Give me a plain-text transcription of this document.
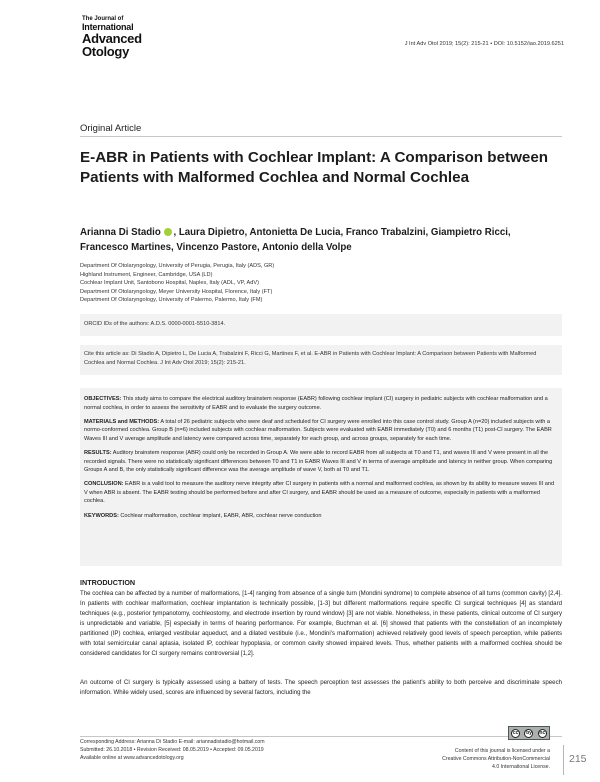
The Journal of
International
Advanced
Otology	J Int Adv Otol 2019; 15(2): 215-21 • DOI: 10.5152/iao.2019.6251
Original Article
E-ABR in Patients with Cochlear Implant: A Comparison between Patients with Malformed Cochlea and Normal Cochlea
Arianna Di Stadio , Laura Dipietro, Antonietta De Lucia, Franco Trabalzini, Giampietro Ricci, Francesco Martines, Vincenzo Pastore, Antonio della Volpe
Department Of Otolaryngology, University of Perugia, Perugia, Italy (ADS, GR)
Highland Instrument, Engineer, Cambridge, USA (LD)
Cochlear Implant Unit, Santobono Hospital, Naples, Italy (ADL, VP, AdV)
Department Of Otolaryngology, Meyer University Hospital, Florence, Italy (FT)
Department Of Otolaryngology, University of Palermo, Palermo, Italy (FM)

ORCID IDs of the authors: A.D.S. 0000-0001-5510-3814.

Cite this article as: Di Stadio A, Dipietro L, De Lucia A, Trabalzini F, Ricci G, Martines F, et al. E-ABR in Patients with Cochlear Implant: A Comparison between Patients with Malformed Cochlea and Normal Cochlea. J Int Adv Otol 2019; 15(2): 215-21.

OBJECTIVES: This study aims to compare the electrical auditory brainstem response (EABR) following cochlear implant (CI) surgery in pediatric subjects with cochlear malformation and a normal cochlea, in order to assess the sensitivity of EABR and to evaluate the surgery outcome.

MATERIALS and METHODS: A total of 26 pediatric subjects who were deaf and scheduled for CI surgery were enrolled into this case control study. Group A (n=20) included subjects with a normo-conformed cochlea. Group B (n=6) included subjects with cochlear malformation. Subjects were evaluated with EABR immediately (T0) and 6 months (T1) post-CI surgery. The EABR Waves III and V average amplitude and latency were compared across time, separately for each group, and across groups, separately for each time.

RESULTS: Auditory brainstem response (ABR) could only be recorded in Group A. We were able to record EABR from all subjects at T0 and T1, and waves III and V were present in all the recorded signals. There were no statistically significant differences between T0 and T1 in EABR Waves III and V in terms of average amplitude and latency in neither group. When comparing Groups A and B, the only statistically significant difference was the average amplitude of wave V, both at T0 and T1.

CONCLUSION: EABR is a valid tool to measure the auditory nerve integrity after CI surgery in patients with a normal and malformed cochlea, as shown by its ability to measure waves III and V when ABR is absent. The EABR testing should be performed before and after CI surgery, and EABR should be used as a measure of outcome, especially in patients with a malformed cochlea.

KEYWORDS: Cochlear malformation, cochlear implant, EABR, ABR, cochlear nerve conduction

INTRODUCTION

The cochlea can be affected by a number of malformations, [1-4] ranging from absence of a single turn (Mondini syndrome) to complete absence of all turns (common cavity) [2,4]. In patients with cochlear malformation, cochlear implantation is technically possible, [1-3] but different malformations require specific CI surgical techniques [4] as standard techniques (e.g., posterior tympanotomy, cochleostomy, and electrode insertion by round window) [3] are not viable. Nonetheless, in these patients, clinical outcome of CI surgery is unpredictable and variable, [5] especially in terms of hearing performance. For example, Buchman et al. [6] showed that patients with the constellation of an incompletely partitioned (IP) cochlea, enlarged vestibular aqueduct, and a dilated vestibule (i.e., Mondini's malformation) achieved relatively good levels of speech perception, while patients with total semicircular canal aplasia, isolated IP, cochlear hypoplasia, or common cavity showed impaired levels. Thus, whether patients with a malformed cochlea should be considered candidates for CI surgery remains controversial [1,2].

An outcome of CI surgery is typically assessed using a battery of tests. The speech perception test assesses the patient's ability to both perceive and discriminate speech information. While widely used, scores are influenced by several factors, including the

Corresponding Address: Arianna Di Stadio E-mail: ariannadistadio@hotmail.com
Submitted: 26.10.2018 • Revision Received: 08.05.2019 • Accepted: 09.05.2019
Available online at www.advancedotology.org
cc	by	nc
Content of this journal is licensed under a
Creative Commons Attribution-NonCommercial
4.0 International License.
215
